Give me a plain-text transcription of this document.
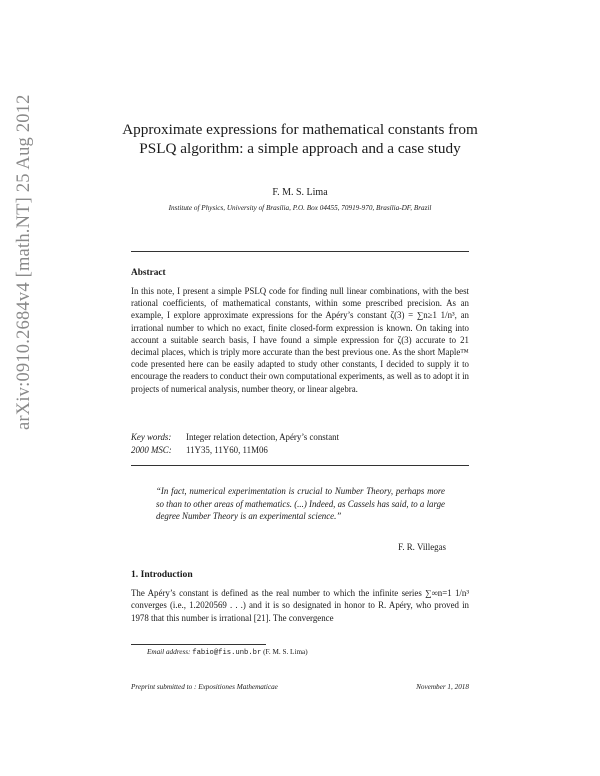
arXiv:0910.2684v4 [math.NT] 25 Aug 2012	Approximate expressions for mathematical constants from PSLQ algorithm: a simple approach and a case study
F. M. S. Lima
Institute of Physics, University of Brasília, P.O. Box 04455, 70919-970, Brasília-DF, Brazil
Abstract
In this note, I present a simple PSLQ code for finding null linear combinations, with the best rational coefficients, of mathematical constants, within some prescribed precision. As an example, I explore approximate expressions for the Apéry’s constant ζ(3) = ∑n≥1 1/n³, an irrational number to which no exact, finite closed-form expression is known. On taking into account a suitable search basis, I have found a simple expression for ζ(3) accurate to 21 decimal places, which is triply more accurate than the best previous one. As the short Maple™ code presented here can be easily adapted to study other constants, I decided to supply it to encourage the readers to conduct their own computational experiments, as well as to adopt it in projects of numerical analysis, number theory, or linear algebra.
Key words: Integer relation detection, Apéry’s constant
2000 MSC: 11Y35, 11Y60, 11M06
“In fact, numerical experimentation is crucial to Number Theory, perhaps more so than to other areas of mathematics. (...) Indeed, as Cassels has said, to a large degree Number Theory is an experimental science.”
F. R. Villegas
1. Introduction
The Apéry’s constant is defined as the real number to which the infinite series ∑∞n=1 1/n³ converges (i.e., 1.2020569 . . .) and it is so designated in honor to R. Apéry, who proved in 1978 that this number is irrational [21]. The convergence
Email address: fabio@fis.unb.br (F. M. S. Lima)
Preprint submitted to : Expositiones Mathematicae	November 1, 2018
